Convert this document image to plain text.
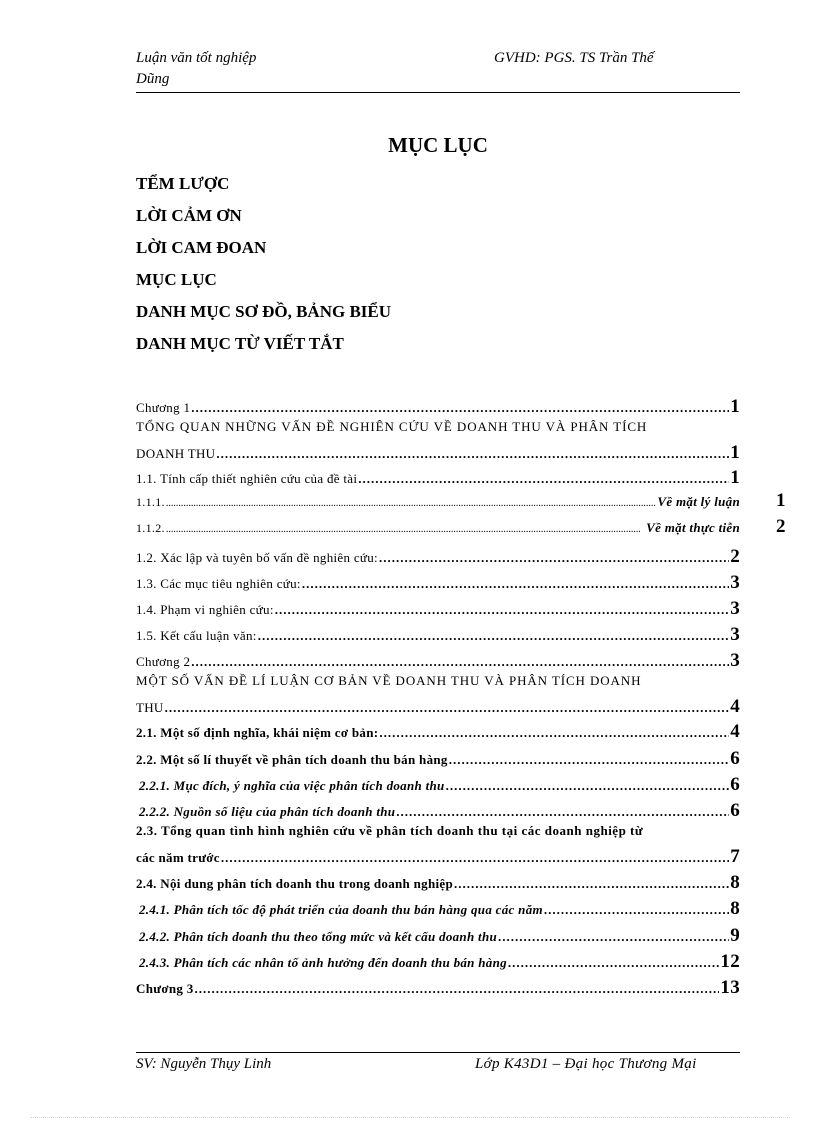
Luận văn tốt nghiệp	GVHD: PGS. TS Trần Thế
Dũng
MỤC LỤC
TỂM LƯỢC
LỜI CẢM ƠN
LỜI CAM ĐOAN
MỤC LỤC
DANH MỤC SƠ ĐỒ, BẢNG BIỂU
DANH MỤC TỪ VIẾT TẮT
Chương 1 .....	1
TỔNG QUAN NHỮNG VẤN ĐỀ NGHIÊN CỨU VỀ DOANH THU VÀ PHÂN TÍCH
DOANH THU .....	1
1.1. Tính cấp thiết nghiên cứu của đề tài .....	1
1.1.1. .....	Về mặt lý luận 1
1.1.2. .....	Về mặt thực tiễn 2
1.2. Xác lập và tuyên bố vấn đề nghiên cứu: .....	2
1.3. Các mục tiêu nghiên cứu: .....	3
1.4. Phạm vi nghiên cứu: .....	3
1.5. Kết cấu luận văn: .....	3
Chương 2 .....	3
MỘT SỐ VẤN ĐỀ LÍ LUẬN CƠ BẢN VỀ DOANH THU VÀ PHÂN TÍCH DOANH
THU .....	4
2.1. Một số định nghĩa, khái niệm cơ bản: .....	4
2.2. Một số lí thuyết về phân tích doanh thu bán hàng .....	6
2.2.1. Mục đích, ý nghĩa của việc phân tích doanh thu .....	6
2.2.2. Nguồn số liệu của phân tích doanh thu .....	6
2.3. Tổng quan tình hình nghiên cứu về phân tích doanh thu tại các doanh nghiệp từ
các năm trước .....	7
2.4. Nội dung phân tích doanh thu trong doanh nghiệp .....	8
2.4.1. Phân tích tốc độ phát triển của doanh thu bán hàng qua các năm .....	8
2.4.2. Phân tích doanh thu theo tổng mức và kết cấu doanh thu .....	9
2.4.3. Phân tích các nhân tố ảnh hưởng đến doanh thu bán hàng .....	12
Chương 3 .....	13
SV: Nguyễn Thụy Linh	Lớp K43D1 – Đại học Thương Mại
